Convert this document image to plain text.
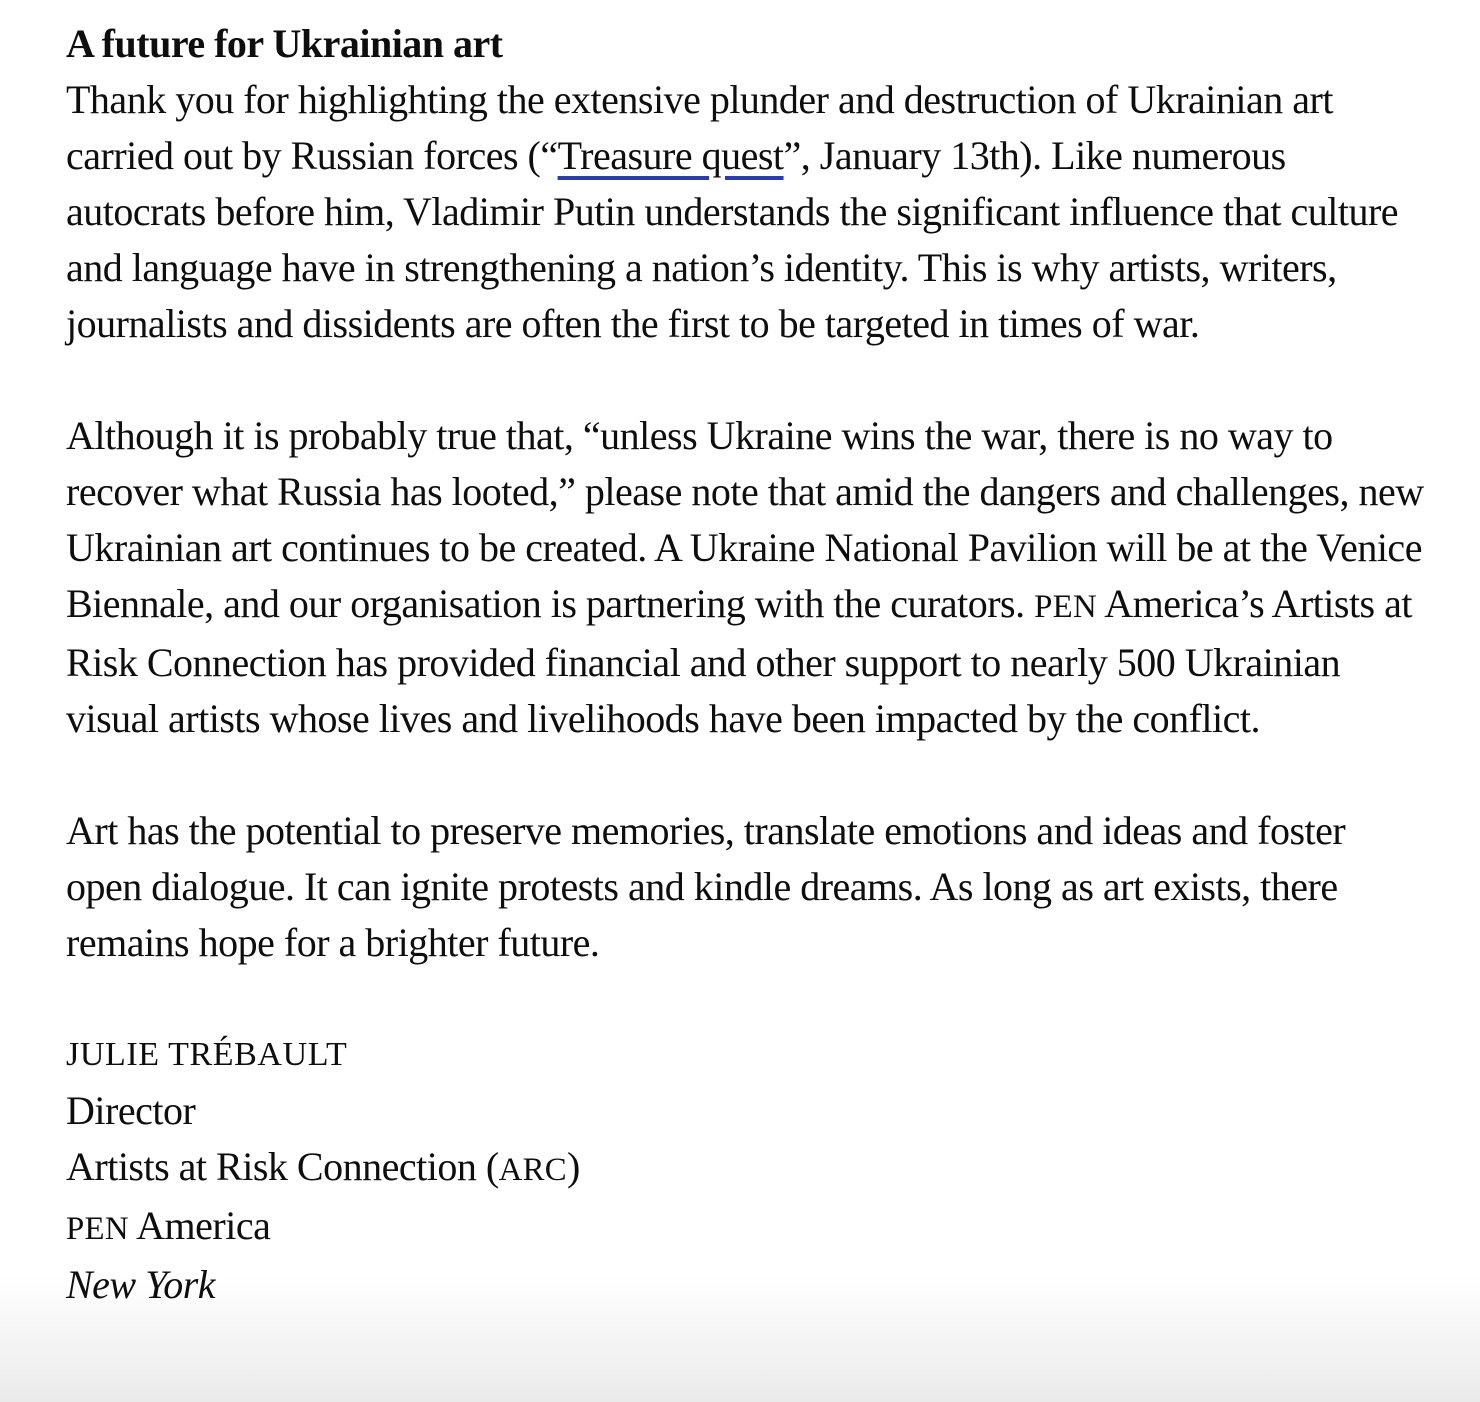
A future for Ukrainian art

Thank you for highlighting the extensive plunder and destruction of Ukrainian art carried out by Russian forces (“Treasure quest”, January 13th). Like numerous autocrats before him, Vladimir Putin understands the significant influence that culture and language have in strengthening a nation’s identity. This is why artists, writers, journalists and dissidents are often the first to be targeted in times of war.

Although it is probably true that, “unless Ukraine wins the war, there is no way to recover what Russia has looted,” please note that amid the dangers and challenges, new Ukrainian art continues to be created. A Ukraine National Pavilion will be at the Venice Biennale, and our organisation is partnering with the curators. PEN America’s Artists at Risk Connection has provided financial and other support to nearly 500 Ukrainian visual artists whose lives and livelihoods have been impacted by the conflict.

Art has the potential to preserve memories, translate emotions and ideas and foster open dialogue. It can ignite protests and kindle dreams. As long as art exists, there remains hope for a brighter future.

JULIE TRÉBAULT
Director
Artists at Risk Connection (ARC)
PEN America
New York
